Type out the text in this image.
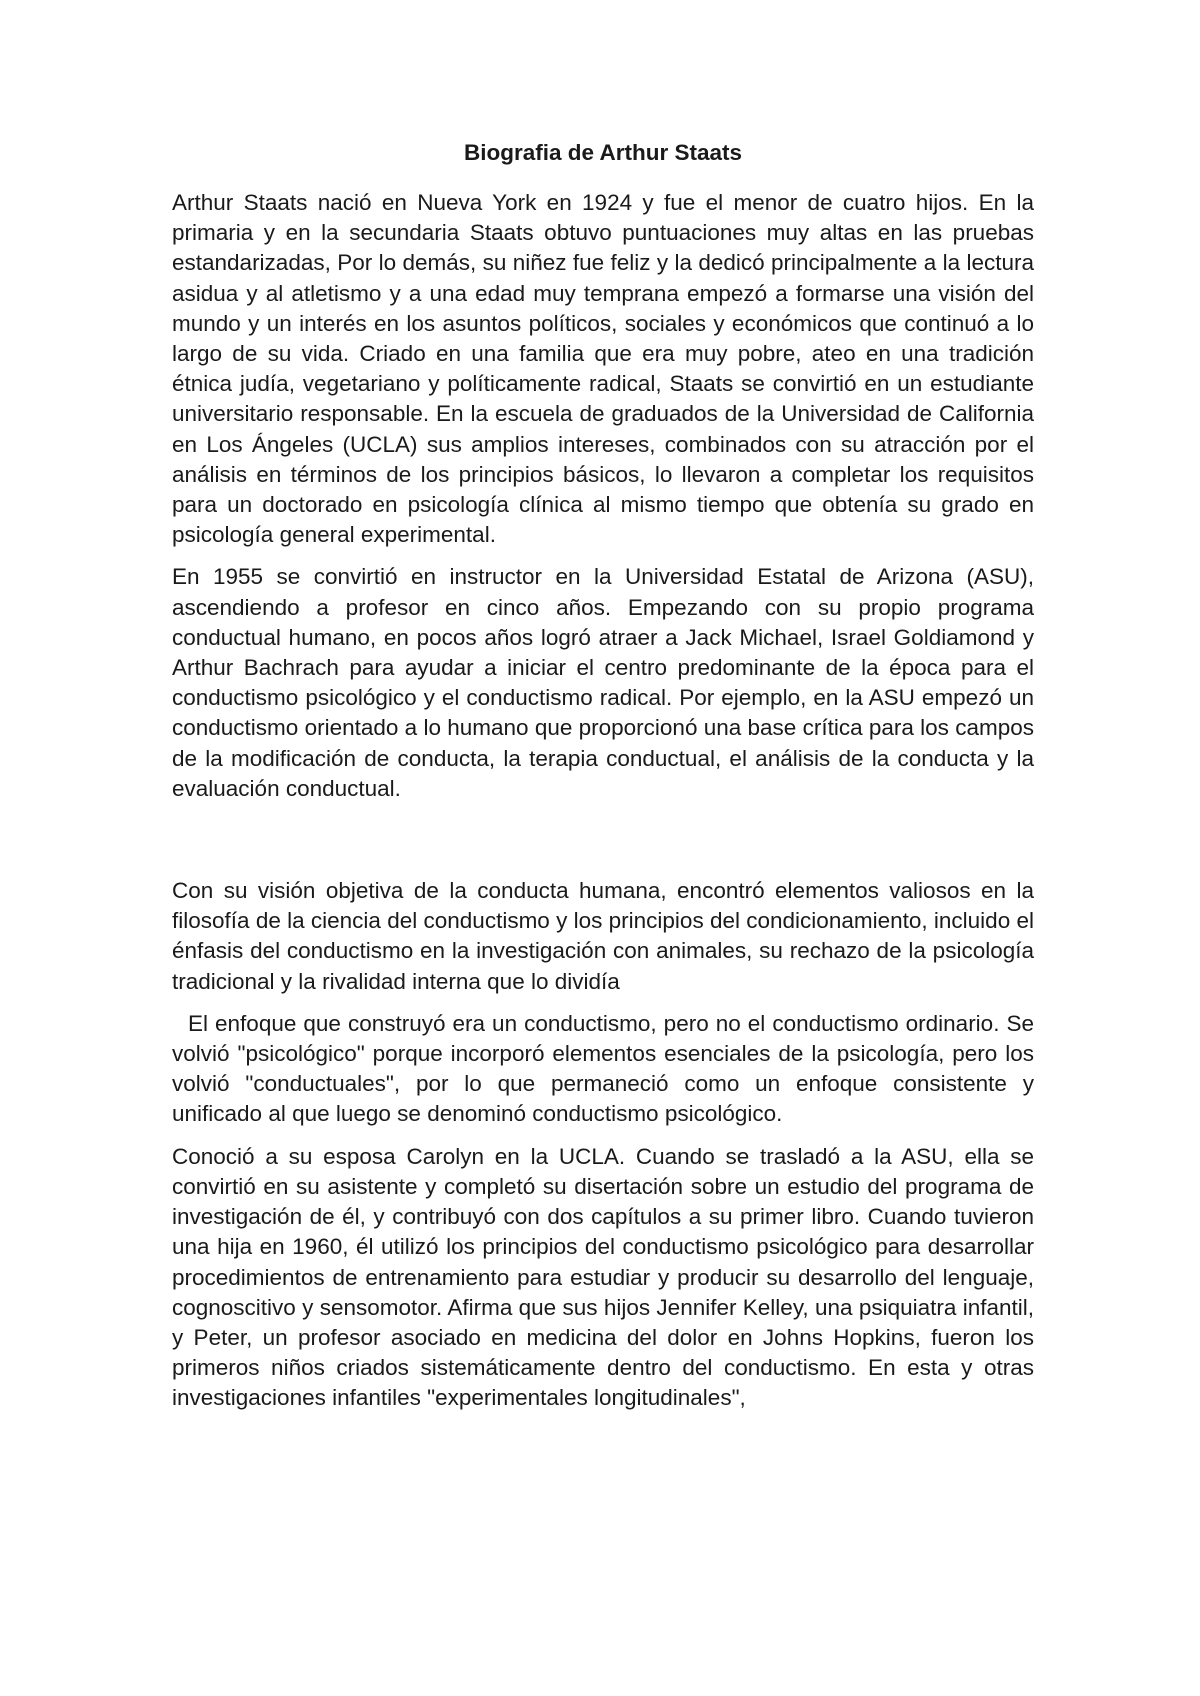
Biografia de Arthur Staats

Arthur Staats nació en Nueva York en 1924 y fue el menor de cuatro hijos. En la primaria y en la secundaria Staats obtuvo puntuaciones muy altas en las pruebas estandarizadas, Por lo demás, su niñez fue feliz y la dedicó principalmente a la lectura asidua y al atletismo y a una edad muy temprana empezó a formarse una visión del mundo y un interés en los asuntos políticos, sociales y económicos que continuó a lo largo de su vida. Criado en una familia que era muy pobre, ateo en una tradición étnica judía, vegetariano y políticamente radical, Staats se convirtió en un estudiante universitario responsable. En la escuela de graduados de la Universidad de California en Los Ángeles (UCLA) sus amplios intereses, combinados con su atracción por el análisis en términos de los principios básicos, lo llevaron a completar los requisitos para un doctorado en psicología clínica al mismo tiempo que obtenía su grado en psicología general experimental.

En 1955 se convirtió en instructor en la Universidad Estatal de Arizona (ASU), ascendiendo a profesor en cinco años. Empezando con su propio programa conductual humano, en pocos años logró atraer a Jack Michael, Israel Goldiamond y Arthur Bachrach para ayudar a iniciar el centro predominante de la época para el conductismo psicológico y el conductismo radical. Por ejemplo, en la ASU empezó un conductismo orientado a lo humano que proporcionó una base crítica para los campos de la modificación de conducta, la terapia conductual, el análisis de la conducta y la evaluación conductual.

Con su visión objetiva de la conducta humana, encontró elementos valiosos en la filosofía de la ciencia del conductismo y los principios del condicionamiento, incluido el énfasis del conductismo en la investigación con animales, su rechazo de la psicología tradicional y la rivalidad interna que lo dividía

El enfoque que construyó era un conductismo, pero no el conductismo ordinario. Se volvió "psicológico" porque incorporó elementos esenciales de la psicología, pero los volvió "conductuales", por lo que permaneció como un enfoque consistente y unificado al que luego se denominó conductismo psicológico.

Conoció a su esposa Carolyn en la UCLA. Cuando se trasladó a la ASU, ella se convirtió en su asistente y completó su disertación sobre un estudio del programa de investigación de él, y contribuyó con dos capítulos a su primer libro. Cuando tuvieron una hija en 1960, él utilizó los principios del conductismo psicológico para desarrollar procedimientos de entrenamiento para estudiar y producir su desarrollo del lenguaje, cognoscitivo y sensomotor. Afirma que sus hijos Jennifer Kelley, una psiquiatra infantil, y Peter, un profesor asociado en medicina del dolor en Johns Hopkins, fueron los primeros niños criados sistemáticamente dentro del conductismo. En esta y otras investigaciones infantiles "experimentales longitudinales",
